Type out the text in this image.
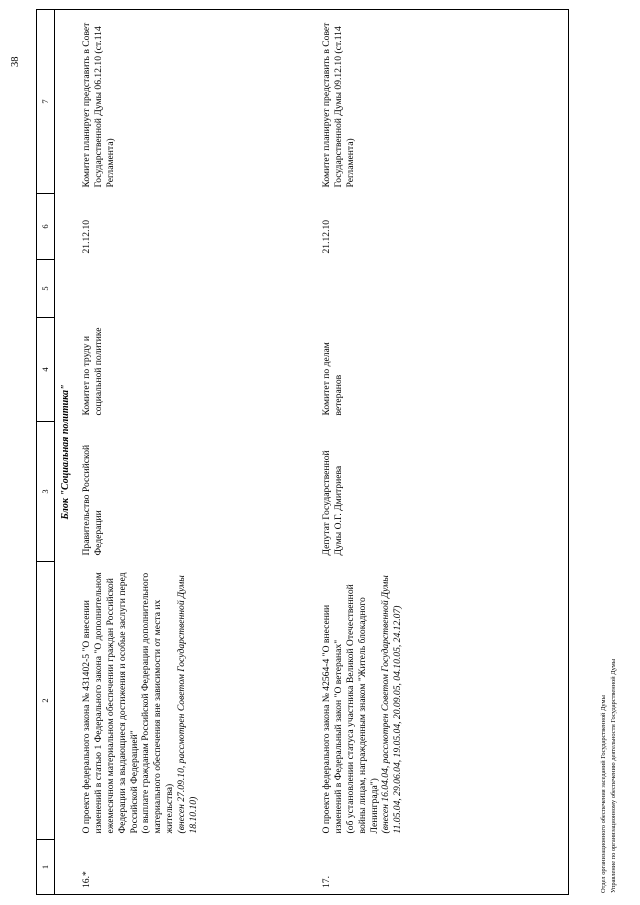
38
1	2	3	4	5	6	7
Блок "Социальная политика"						
16.*	О проекте федерального закона № 431402-5 "О внесении изменений в статью 1 Федерального закона "О дополнительном ежемесячном материальном обеспечении граждан Российской Федерации за выдающиеся достижения и особые заслуги перед Российской Федерацией" (о выплате гражданам Российской Федерации дополнительного материального обеспечения вне зависимости от места их жительства) (внесен 27.09.10, рассмотрен Советом Государственной Думы 18.10.10)	Правительство Российской Федерации	Комитет по труду и социальной политике		21.12.10	Комитет планирует представить в Совет Государственной Думы 06.12.10 (ст.114 Регламента)
17.	О проекте федерального закона № 42564-4 "О внесении изменений в Федеральный закон "О ветеранах" (об установлении статуса участника Великой Отечественной войны лицам, награжденным знаком "Житель блокадного Ленинграда") (внесен 16.04.04, рассмотрен Советом Государственной Думы 11.05.04, 29.06.04, 19.05.04, 20.09.05, 04.10.05, 24.12.07)	Депутат Государственной Думы О.Г. Дмитриева	Комитет по делам ветеранов		21.12.10	Комитет планирует представить в Совет Государственной Думы 09.12.10 (ст.114 Регламента)
Отдел организационного обеспечения заседаний Государственной Думы Управление по организационному обеспечению деятельности Государственной Думы
